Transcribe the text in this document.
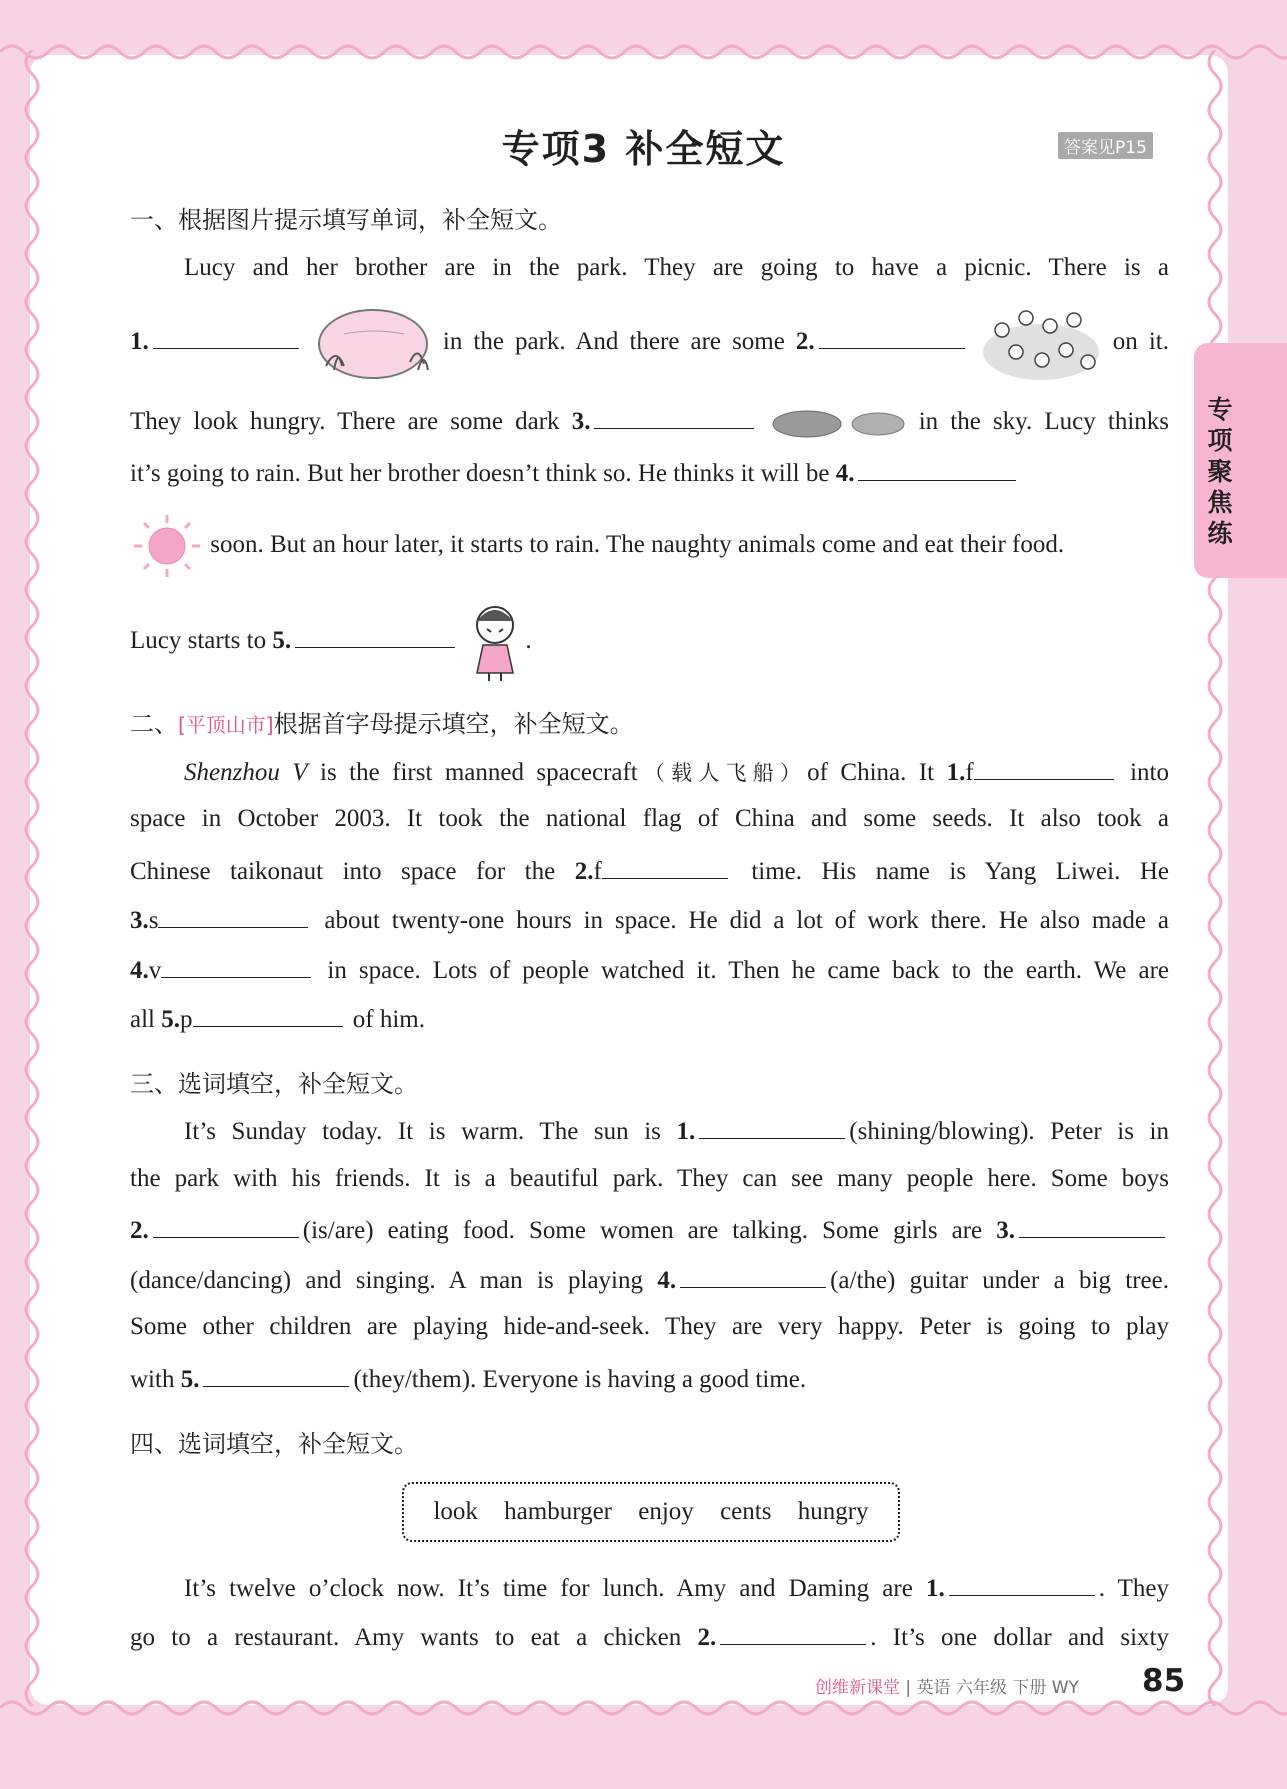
专项3 补全短文	答案见P15
专项聚焦练
一、根据图片提示填写单词，补全短文。
Lucy and her brother are in the park. They are going to have a picnic. There is a
1.	in the park. And there are some 2.	on it.
They look hungry. There are some dark 3.	in the sky. Lucy thinks
it’s going to rain. But her brother doesn’t think so. He thinks it will be 4.
soon. But an hour later, it starts to rain. The naughty animals come and eat their food.
Lucy starts to 5.	.
二、[平顶山市]根据首字母提示填空，补全短文。
Shenzhou V is the first manned spacecraft（载人飞船）of China. It 1.f	into
space in October 2003. It took the national flag of China and some seeds. It also took a
Chinese taikonaut into space for the 2.f	time. His name is Yang Liwei. He
3.s	about twenty-one hours in space. He did a lot of work there. He also made a
4.v	in space. Lots of people watched it. Then he came back to the earth. We are
all 5.p	of him.
三、选词填空，补全短文。
It’s Sunday today. It is warm. The sun is 1.	(shining/blowing). Peter is in
the park with his friends. It is a beautiful park. They can see many people here. Some boys
2.	(is/are) eating food. Some women are talking. Some girls are 3.
(dance/dancing) and singing. A man is playing 4.	(a/the) guitar under a big tree.
Some other children are playing hide-and-seek. They are very happy. Peter is going to play
with 5.	(they/them). Everyone is having a good time.
四、选词填空，补全短文。
look hamburger enjoy cents hungry
It’s twelve o’clock now. It’s time for lunch. Amy and Daming are 1.	. They
go to a restaurant. Amy wants to eat a chicken 2.	. It’s one dollar and sixty
创维新课堂 | 英语 六年级 下册 WY 85
